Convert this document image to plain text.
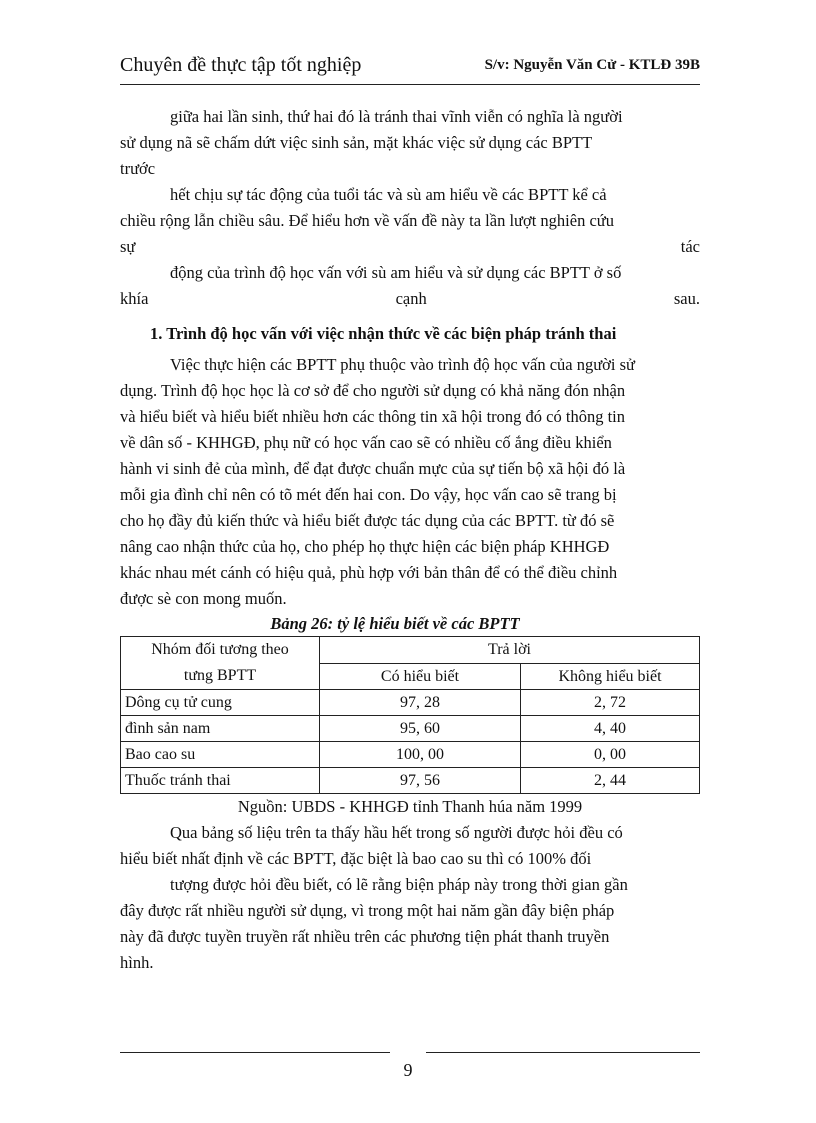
Chuyên đề thực tập tốt nghiệp	S/v: Nguyễn Văn Cử - KTLĐ 39B
giữa hai lần sinh, thứ hai đó là tránh thai vĩnh viễn có nghĩa là người
sử dụng nã sẽ chấm dứt việc sinh sản, mặt khác việc sử dụng các BPTT
trước
hết chịu sự tác động của tuổi tác và sù am hiểu về các BPTT kể cả
chiều rộng lẫn chiều sâu. Để hiểu hơn về vấn đề này ta lần lượt nghiên cứu
sự	tác
động của trình độ học vấn với sù am hiểu và sử dụng các BPTT ở số
khía	cạnh	sau.
1. Trình độ học vấn với việc nhận thức về các biện pháp tránh thai
Việc thực hiện các BPTT phụ thuộc vào trình độ học vấn của người sử
dụng. Trình độ học học là cơ sở để cho người sử dụng có khả năng đón nhận
và hiểu biết và hiểu biết nhiều hơn các thông tin xã hội trong đó có thông tin
về dân số - KHHGĐ, phụ nữ có học vấn cao sẽ có nhiều cố ắng điều khiển
hành vi sinh đẻ của mình, để đạt được chuẩn mực của sự tiến bộ xã hội đó là
mỗi gia đình chỉ nên có tõ mét đến hai con. Do vậy, học vấn cao sẽ trang bị
cho họ đầy đủ kiến thức và hiểu biết được tác dụng của các BPTT. từ đó sẽ
nâng cao nhận thức của họ, cho phép họ thực hiện các biện pháp KHHGĐ
khác nhau mét cánh có hiệu quả, phù hợp với bản thân để có thể điều chỉnh
được sè con mong muốn.
Bảng 26: tỷ lệ hiểu biết về các BPTT
Nhóm đối tương theo
tưng BPTT	Trả lời	
	Có hiểu biết	Không hiểu biết
Dông cụ tử cung	97, 28	2, 72
đình sản nam	95, 60	4, 40
Bao cao su	100, 00	0, 00
Thuốc tránh thai	97, 56	2, 44
Nguồn: UBDS - KHHGĐ tỉnh Thanh húa năm 1999
Qua bảng số liệu trên ta thấy hầu hết trong số người được hỏi đều có
hiểu biết nhất định về các BPTT, đặc biệt là bao cao su thì có 100% đối
tượng được hỏi đều biết, có lẽ rằng biện pháp này trong thời gian gần
đây được rất nhiều người sử dụng, vì trong một hai năm gần đây biện pháp
này đã được tuyền truyền rất nhiều trên các phương tiện phát thanh truyền
hình.
9
